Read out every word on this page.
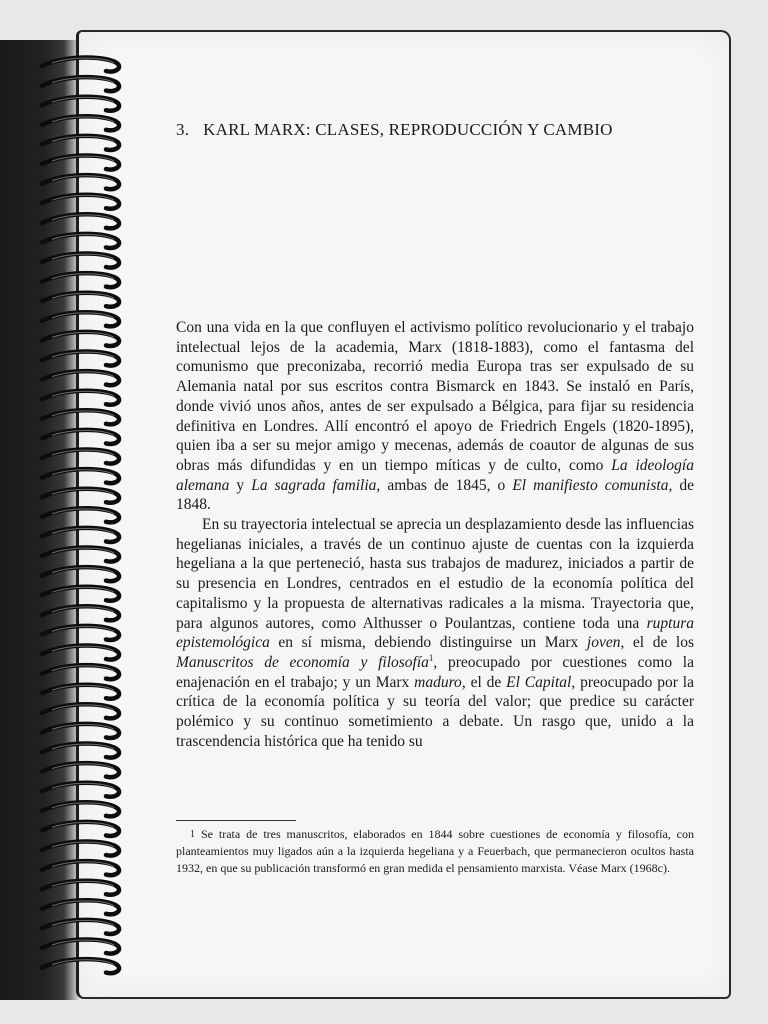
3. KARL MARX: CLASES, REPRODUCCIÓN Y CAMBIO

Con una vida en la que confluyen el activismo político revolucionario y el trabajo intelectual lejos de la academia, Marx (1818-1883), como el fantasma del comunismo que preconizaba, recorrió media Europa tras ser expulsado de su Alemania natal por sus escritos contra Bismarck en 1843. Se instaló en París, donde vivió unos años, antes de ser expulsado a Bélgica, para fijar su residencia definitiva en Londres. Allí encontró el apoyo de Friedrich Engels (1820-1895), quien iba a ser su mejor amigo y mecenas, además de coautor de algunas de sus obras más difundidas y en un tiempo míticas y de culto, como La ideología alemana y La sagrada familia, ambas de 1845, o El manifiesto comunista, de 1848.

En su trayectoria intelectual se aprecia un desplazamiento desde las influencias hegelianas iniciales, a través de un continuo ajuste de cuentas con la izquierda hegeliana a la que perteneció, hasta sus trabajos de madurez, iniciados a partir de su presencia en Londres, centrados en el estudio de la economía política del capitalismo y la propuesta de alternativas radicales a la misma. Trayectoria que, para algunos autores, como Althusser o Poulantzas, contiene toda una ruptura epistemológica en sí misma, debiendo distinguirse un Marx joven, el de los Manuscritos de economía y filosofía$^1$, preocupado por cuestiones como la enajenación en el trabajo; y un Marx maduro, el de El Capital, preocupado por la crítica de la economía política y su teoría del valor; que predice su carácter polémico y su continuo sometimiento a debate. Un rasgo que, unido a la trascendencia histórica que ha tenido su

1 Se trata de tres manuscritos, elaborados en 1844 sobre cuestiones de economía y filosofía, con planteamientos muy ligados aún a la izquierda hegeliana y a Feuerbach, que permanecieron ocultos hasta 1932, en que su publicación transformó en gran medida el pensamiento marxista. Véase Marx (1968c).
